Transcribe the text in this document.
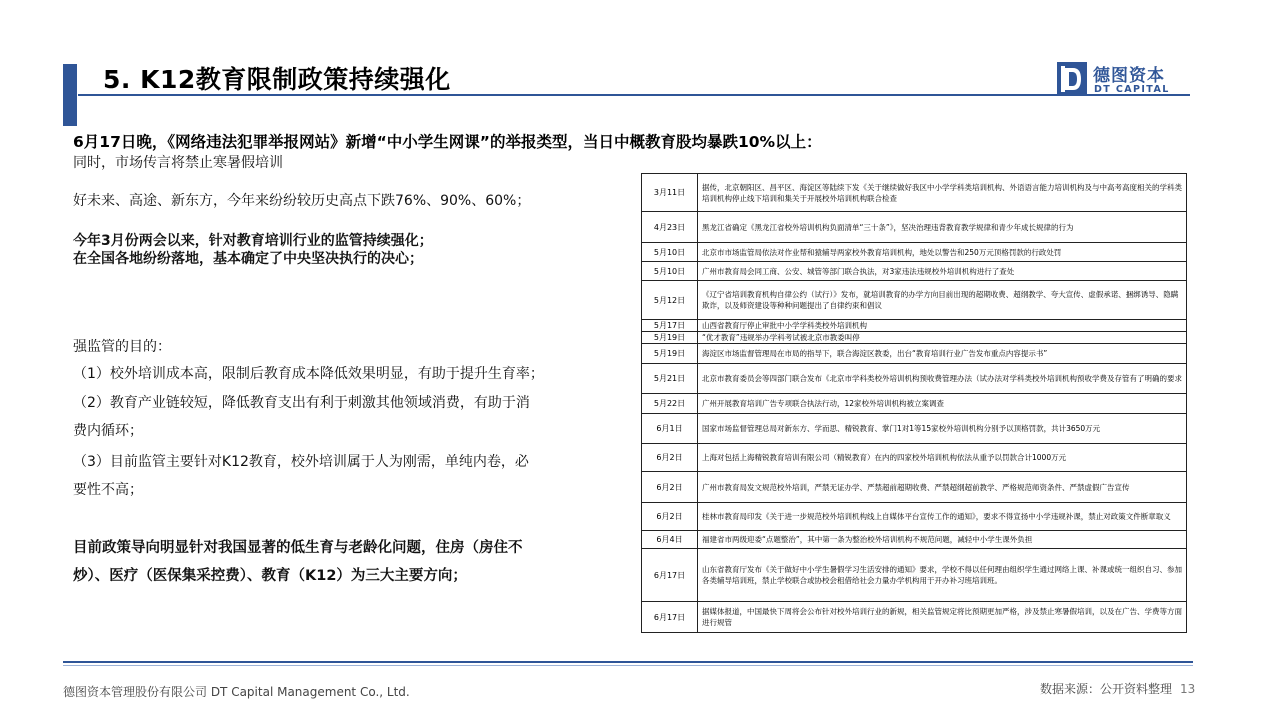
5. K12教育限制政策持续强化	德图资本
DT CAPITAL
6月17日晚，《网络违法犯罪举报网站》新增“中小学生网课”的举报类型，当日中概教育股均暴跌10%以上：
同时，市场传言将禁止寒暑假培训
好未来、高途、新东方，今年来纷纷较历史高点下跌76%、90%、60%；
今年3月份两会以来，针对教育培训行业的监管持续强化；
在全国各地纷纷落地，基本确定了中央坚决执行的决心；
强监管的目的：
（1）校外培训成本高，限制后教育成本降低效果明显，有助于提升生育率；
（2）教育产业链较短，降低教育支出有利于刺激其他领域消费，有助于消
费内循环；
（3）目前监管主要针对K12教育，校外培训属于人为刚需，单纯内卷，必
要性不高；
目前政策导向明显针对我国显著的低生育与老龄化问题，住房（房住不
炒）、医疗（医保集采控费）、教育（K12）为三大主要方向；
3月11日	据传，北京朝阳区、昌平区、海淀区等陆续下发《关于继续做好我区中小学学科类培训机构、外语语言能力培训机构及与中高考高度相关的学科类培训机构停止线下培训和集关于开展校外培训机构联合检查
4月23日	黑龙江省确定《黑龙江省校外培训机构负面清单“三十条”》，坚决治理违背教育教学规律和青少年成长规律的行为
5月10日	北京市市场监管局依法对作业帮和猿辅导两家校外教育培训机构，地处以警告和250万元顶格罚款的行政处罚
5月10日	广州市教育局会同工商、公安、城管等部门联合执法，对3家违法违规校外培训机构进行了查处
5月12日	《辽宁省培训教育机构自律公约（试行）》发布，就培训教育的办学方向目前出现的超期收费、超纲教学、夸大宣传、虚假承诺、捆绑诱导、隐瞒欺诈，以及师资建设等种种问题提出了自律约束和倡议
5月17日	山西省教育厅停止审批中小学学科类校外培训机构
5月19日	“优才教育”违规举办学科考试被北京市教委叫停
5月19日	海淀区市场监督管理局在市局的指导下，联合海淀区教委，出台“教育培训行业广告发布重点内容提示书”
5月21日	北京市教育委员会等四部门联合发布《北京市学科类校外培训机构预收费管理办法（试办法对学科类校外培训机构预收学费及存管有了明确的要求
5月22日	广州开展教育培训广告专项联合执法行动，12家校外培训机构被立案调查
6月1日	国家市场监督管理总局对新东方、学而思、精锐教育、掌门1对1等15家校外培训机构分别予以顶格罚款，共计3650万元
6月2日	上海对包括上海精锐教育培训有限公司（精锐教育）在内的四家校外培训机构依法从重予以罚款合计1000万元
6月2日	广州市教育局发文规范校外培训，严禁无证办学、严禁超前超期收费、严禁超纲超前教学、严格规范师资条件、严禁虚假广告宣传
6月2日	桂林市教育局印发《关于进一步规范校外培训机构线上自媒体平台宣传工作的通知》，要求不得宣扬中小学违规补课，禁止对政策文件断章取义
6月4日	福建省市两级迎委“点题整治”，其中第一条为整治校外培训机构不规范问题，减轻中小学生课外负担
6月17日	山东省教育厅发布《关于做好中小学生暑假学习生活安排的通知》要求，学校不得以任何理由组织学生通过网络上课、补课或统一组织自习、参加各类辅导培训班，禁止学校联合或协校会租借给社会力量办学机构用于开办补习班培训班。
6月17日	据媒体报道，中国最快下周将会公布针对校外培训行业的新规，相关监管规定将比预期更加严格，涉及禁止寒暑假培训，以及在广告、学费等方面进行规管
德图资本管理股份有限公司 DT Capital Management Co., Ltd.	数据来源：公开资料整理 13
